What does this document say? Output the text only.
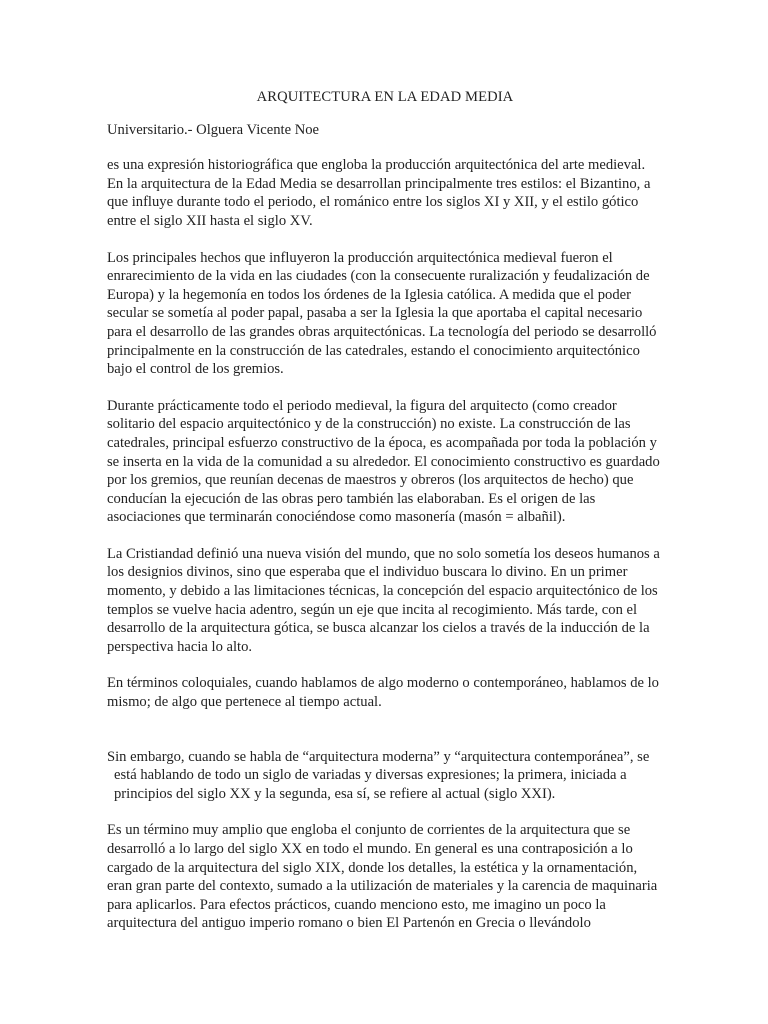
ARQUITECTURA EN LA EDAD MEDIA
Universitario.- Olguera Vicente Noe

es una expresión historiográfica que engloba la producción arquitectónica del arte medieval. En la arquitectura de la Edad Media se desarrollan principalmente tres estilos: el Bizantino, a que influye durante todo el periodo, el románico entre los siglos XI y XII, y el estilo gótico entre el siglo XII hasta el siglo XV.

Los principales hechos que influyeron la producción arquitectónica medieval fueron el enrarecimiento de la vida en las ciudades (con la consecuente ruralización y feudalización de Europa) y la hegemonía en todos los órdenes de la Iglesia católica. A medida que el poder secular se sometía al poder papal, pasaba a ser la Iglesia la que aportaba el capital necesario para el desarrollo de las grandes obras arquitectónicas. La tecnología del periodo se desarrolló principalmente en la construcción de las catedrales, estando el conocimiento arquitectónico bajo el control de los gremios.

Durante prácticamente todo el periodo medieval, la figura del arquitecto (como creador solitario del espacio arquitectónico y de la construcción) no existe. La construcción de las catedrales, principal esfuerzo constructivo de la época, es acompañada por toda la población y se inserta en la vida de la comunidad a su alrededor. El conocimiento constructivo es guardado por los gremios, que reunían decenas de maestros y obreros (los arquitectos de hecho) que conducían la ejecución de las obras pero también las elaboraban. Es el origen de las asociaciones que terminarán conociéndose como masonería (masón = albañil).

La Cristiandad definió una nueva visión del mundo, que no solo sometía los deseos humanos a los designios divinos, sino que esperaba que el individuo buscara lo divino. En un primer momento, y debido a las limitaciones técnicas, la concepción del espacio arquitectónico de los templos se vuelve hacia adentro, según un eje que incita al recogimiento. Más tarde, con el desarrollo de la arquitectura gótica, se busca alcanzar los cielos a través de la inducción de la perspectiva hacia lo alto.

En términos coloquiales, cuando hablamos de algo moderno o contemporáneo, hablamos de lo mismo; de algo que pertenece al tiempo actual.

Sin embargo, cuando se habla de “arquitectura moderna” y “arquitectura contemporánea”, se está hablando de todo un siglo de variadas y diversas expresiones; la primera, iniciada a principios del siglo XX y la segunda, esa sí, se refiere al actual (siglo XXI).

Es un término muy amplio que engloba el conjunto de corrientes de la arquitectura que se desarrolló a lo largo del siglo XX en todo el mundo. En general es una contraposición a lo cargado de la arquitectura del siglo XIX, donde los detalles, la estética y la ornamentación, eran gran parte del contexto, sumado a la utilización de materiales y la carencia de maquinaria para aplicarlos. Para efectos prácticos, cuando menciono esto, me imagino un poco la arquitectura del antiguo imperio romano o bien El Partenón en Grecia o llevándolo
